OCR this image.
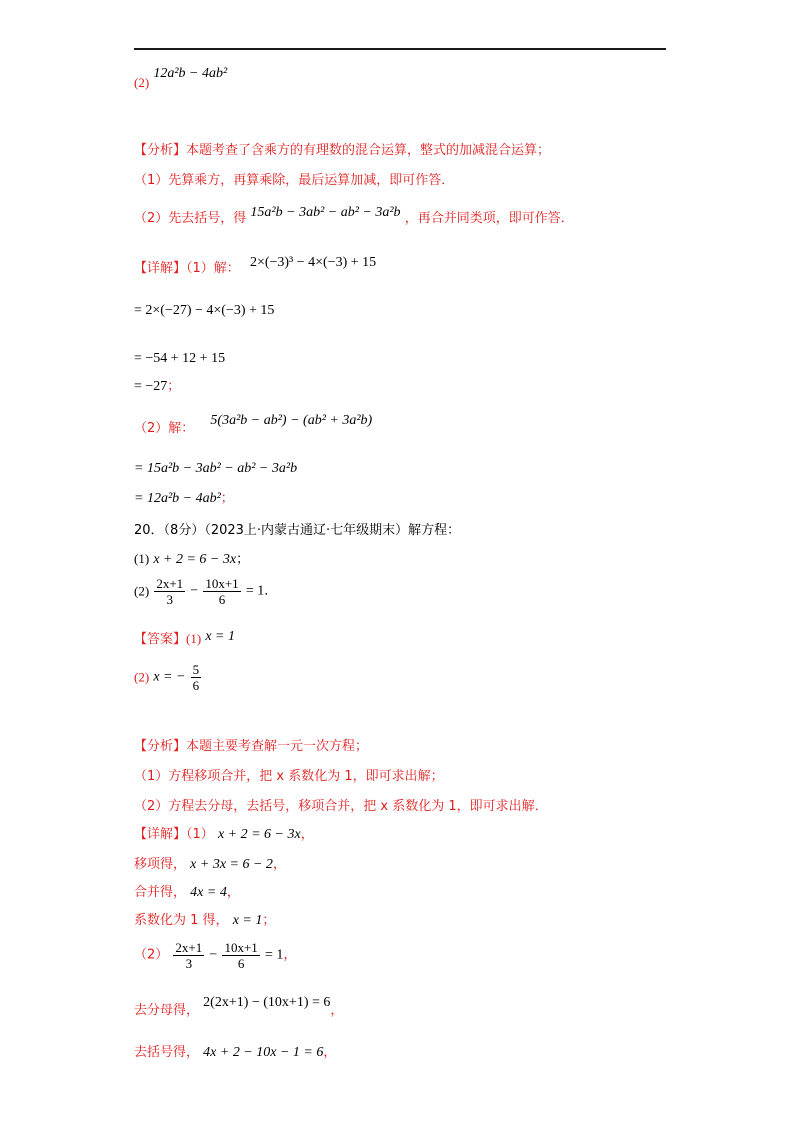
(2) 12a²b − 4ab²
【分析】本题考查了含乘方的有理数的混合运算，整式的加减混合运算；
（1）先算乘方，再算乘除，最后运算加减，即可作答．
（2）先去括号，得 15a²b − 3ab² − ab² − 3a²b ，再合并同类项，即可作答．
【详解】（1）解： 2×(−3)³ − 4×(−3) + 15
= 2×(−27) − 4×(−3) + 15
= −54 + 12 + 15
= −27；
（2）解： 5(3a²b − ab²) − (ab² + 3a²b)
= 15a²b − 3ab² − ab² − 3a²b
= 12a²b − 4ab²；
20．（8分）（2023上·内蒙古通辽·七年级期末）解方程：
(1) x + 2 = 6 − 3x；
$(2) \frac{2x+1}{3} - \frac{10x+1}{6} = 1$．
【答案】(1) x = 1
(2) x = − $\frac{5}{6}$
【分析】本题主要考查解一元一次方程；
（1）方程移项合并，把 x 系数化为 1，即可求出解；
（2）方程去分母，去括号，移项合并，把 x 系数化为 1，即可求出解．
【详解】（1） x + 2 = 6 − 3x，
移项得， x + 3x = 6 − 2，
合并得， 4x = 4，
系数化为 1 得， x = 1；
$(2) \frac{2x+1}{3} - \frac{10x+1}{6} = 1$，
去分母得， 2(2x+1) − (10x+1) = 6，
去括号得， 4x + 2 − 10x − 1 = 6，
